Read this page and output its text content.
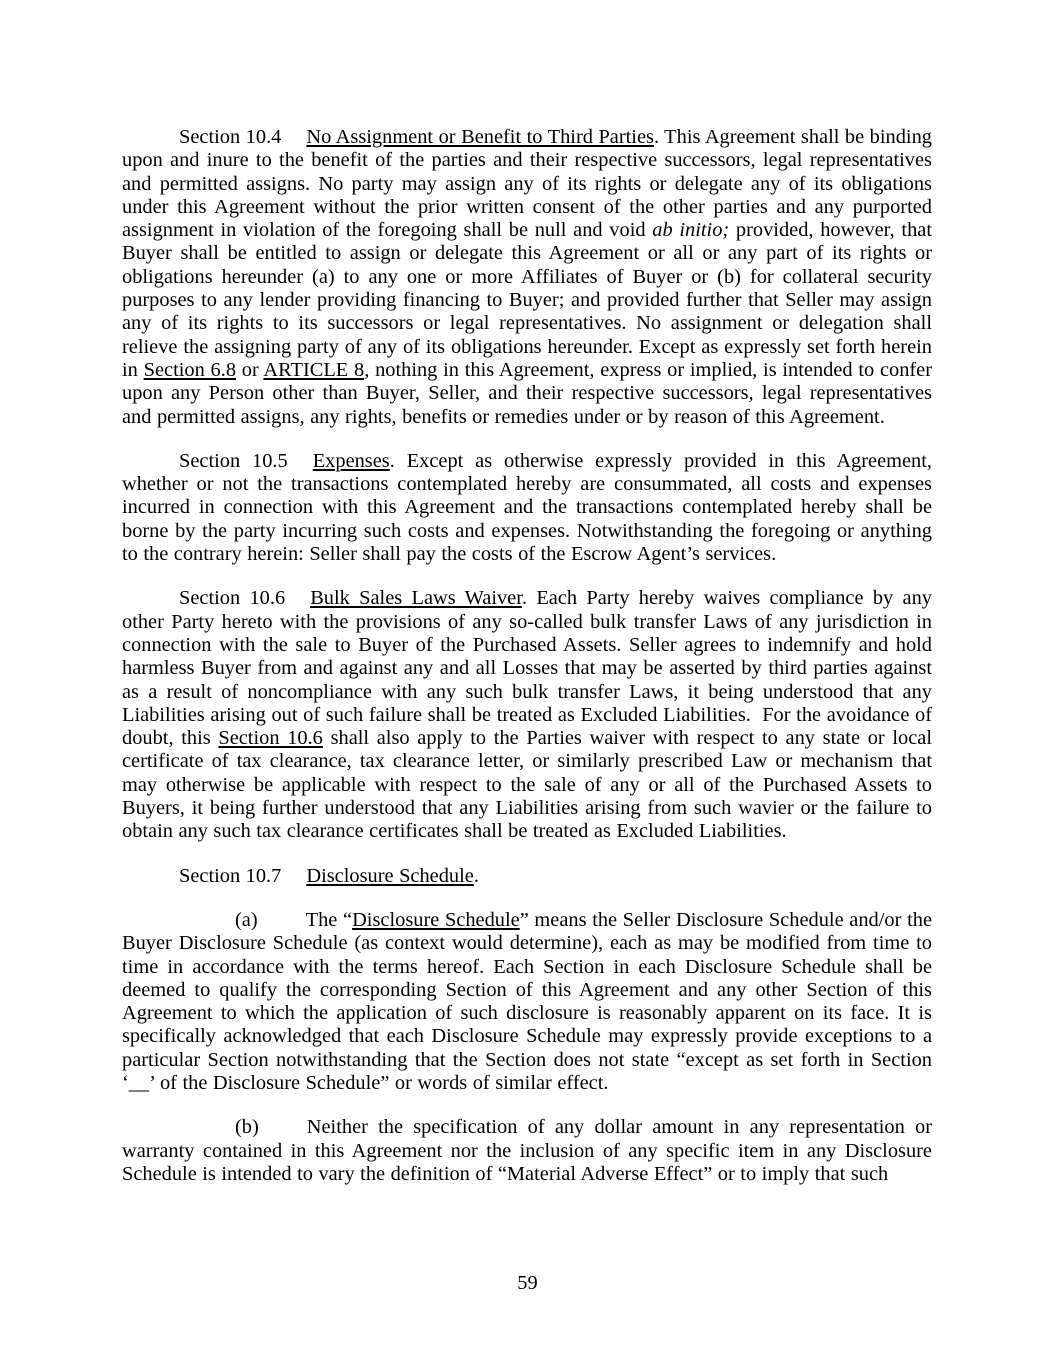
Section 10.4 No Assignment or Benefit to Third Parties. This Agreement shall be binding upon and inure to the benefit of the parties and their respective successors, legal representatives and permitted assigns. No party may assign any of its rights or delegate any of its obligations under this Agreement without the prior written consent of the other parties and any purported assignment in violation of the foregoing shall be null and void ab initio; provided, however, that Buyer shall be entitled to assign or delegate this Agreement or all or any part of its rights or obligations hereunder (a) to any one or more Affiliates of Buyer or (b) for collateral security purposes to any lender providing financing to Buyer; and provided further that Seller may assign any of its rights to its successors or legal representatives. No assignment or delegation shall relieve the assigning party of any of its obligations hereunder. Except as expressly set forth herein in Section 6.8 or ARTICLE 8, nothing in this Agreement, express or implied, is intended to confer upon any Person other than Buyer, Seller, and their respective successors, legal representatives and permitted assigns, any rights, benefits or remedies under or by reason of this Agreement.

Section 10.5 Expenses. Except as otherwise expressly provided in this Agreement, whether or not the transactions contemplated hereby are consummated, all costs and expenses incurred in connection with this Agreement and the transactions contemplated hereby shall be borne by the party incurring such costs and expenses. Notwithstanding the foregoing or anything to the contrary herein: Seller shall pay the costs of the Escrow Agent’s services.

Section 10.6 Bulk Sales Laws Waiver. Each Party hereby waives compliance by any other Party hereto with the provisions of any so-called bulk transfer Laws of any jurisdiction in connection with the sale to Buyer of the Purchased Assets. Seller agrees to indemnify and hold harmless Buyer from and against any and all Losses that may be asserted by third parties against as a result of noncompliance with any such bulk transfer Laws, it being understood that any Liabilities arising out of such failure shall be treated as Excluded Liabilities.  For the avoidance of doubt, this Section 10.6 shall also apply to the Parties waiver with respect to any state or local certificate of tax clearance, tax clearance letter, or similarly prescribed Law or mechanism that may otherwise be applicable with respect to the sale of any or all of the Purchased Assets to Buyers, it being further understood that any Liabilities arising from such wavier or the failure to obtain any such tax clearance certificates shall be treated as Excluded Liabilities.

Section 10.7 Disclosure Schedule.

(a) The “Disclosure Schedule” means the Seller Disclosure Schedule and/or the Buyer Disclosure Schedule (as context would determine), each as may be modified from time to time in accordance with the terms hereof. Each Section in each Disclosure Schedule shall be deemed to qualify the corresponding Section of this Agreement and any other Section of this Agreement to which the application of such disclosure is reasonably apparent on its face. It is specifically acknowledged that each Disclosure Schedule may expressly provide exceptions to a particular Section notwithstanding that the Section does not state “except as set forth in Section ‘__’ of the Disclosure Schedule” or words of similar effect.

(b) Neither the specification of any dollar amount in any representation or warranty contained in this Agreement nor the inclusion of any specific item in any Disclosure Schedule is intended to vary the definition of “Material Adverse Effect” or to imply that such

59
